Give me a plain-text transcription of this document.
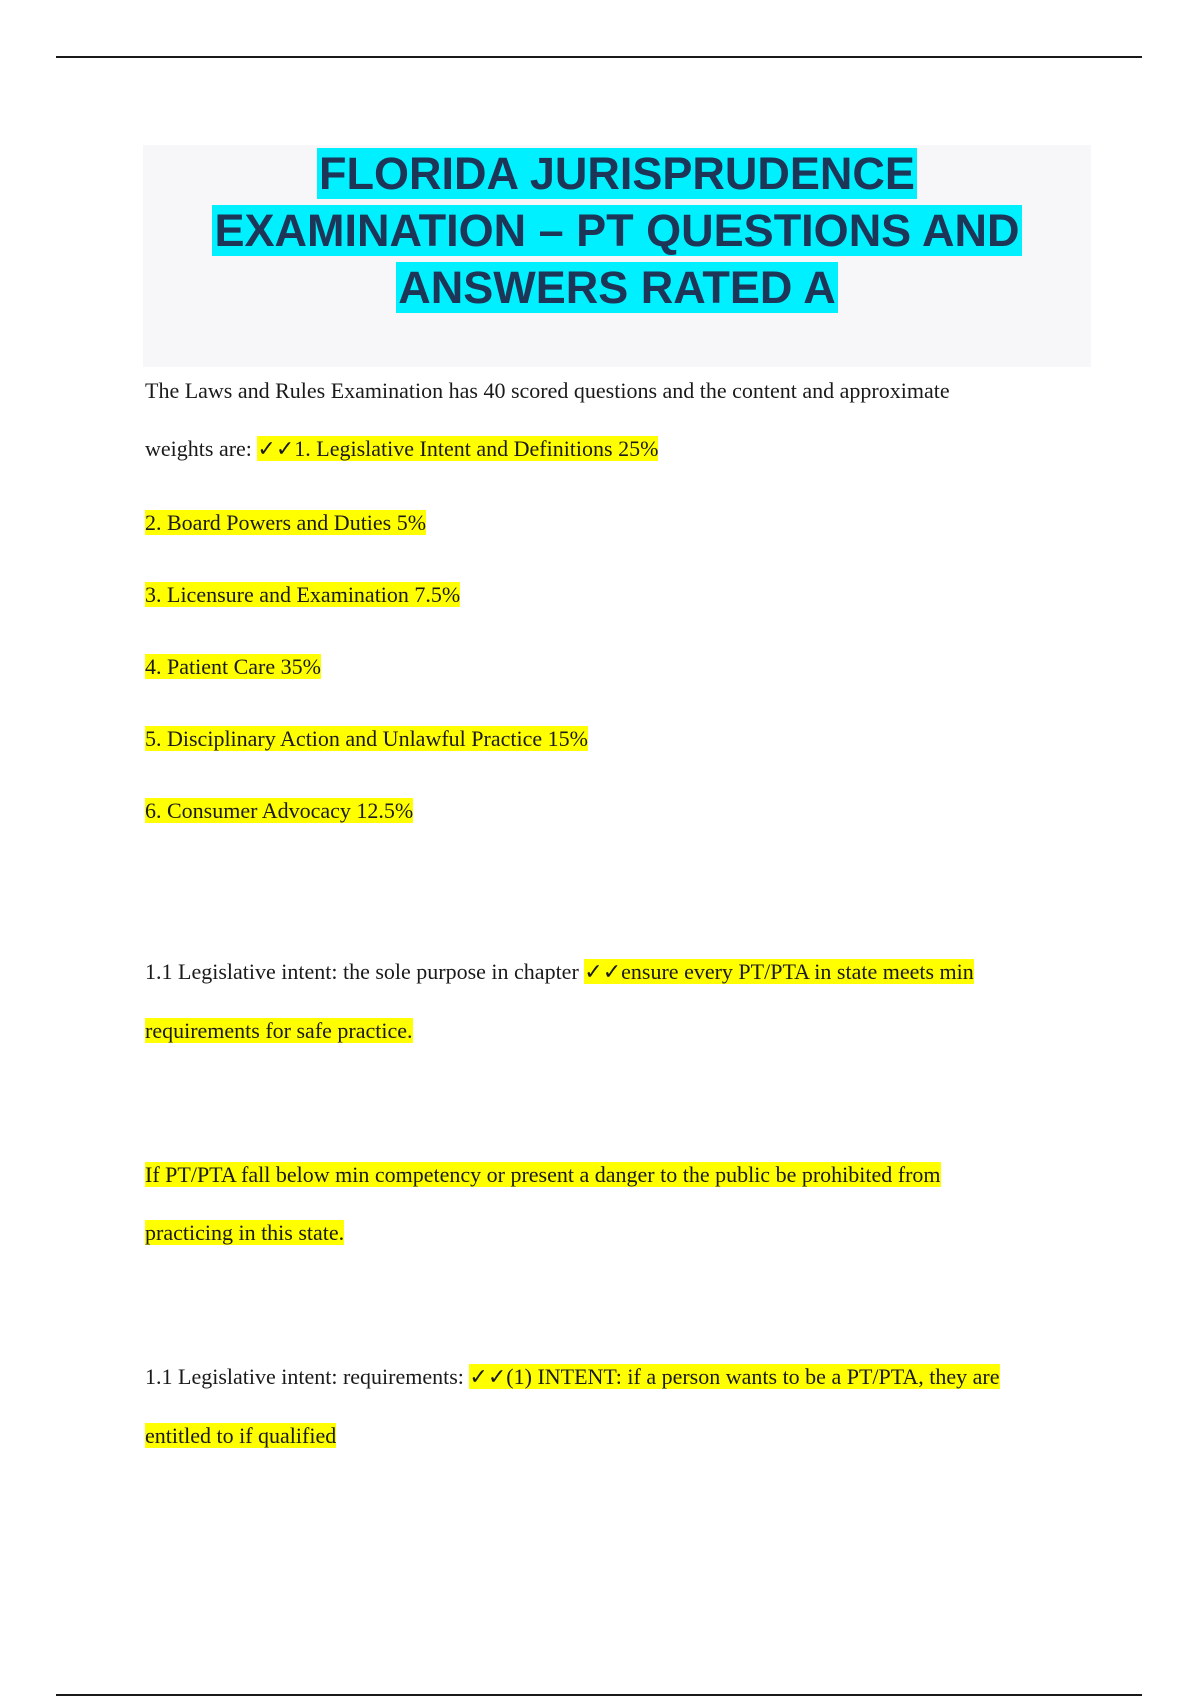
FLORIDA JURISPRUDENCE
EXAMINATION – PT QUESTIONS AND
ANSWERS RATED A

The Laws and Rules Examination has 40 scored questions and the content and approximate
weights are: ✓✓1. Legislative Intent and Definitions 25%

2. Board Powers and Duties 5%

3. Licensure and Examination 7.5%

4. Patient Care 35%

5. Disciplinary Action and Unlawful Practice 15%

6. Consumer Advocacy 12.5%

1.1 Legislative intent: the sole purpose in chapter ✓✓ensure every PT/PTA in state meets min
requirements for safe practice.

If PT/PTA fall below min competency or present a danger to the public be prohibited from
practicing in this state.

1.1 Legislative intent: requirements: ✓✓(1) INTENT: if a person wants to be a PT/PTA, they are
entitled to if qualified
